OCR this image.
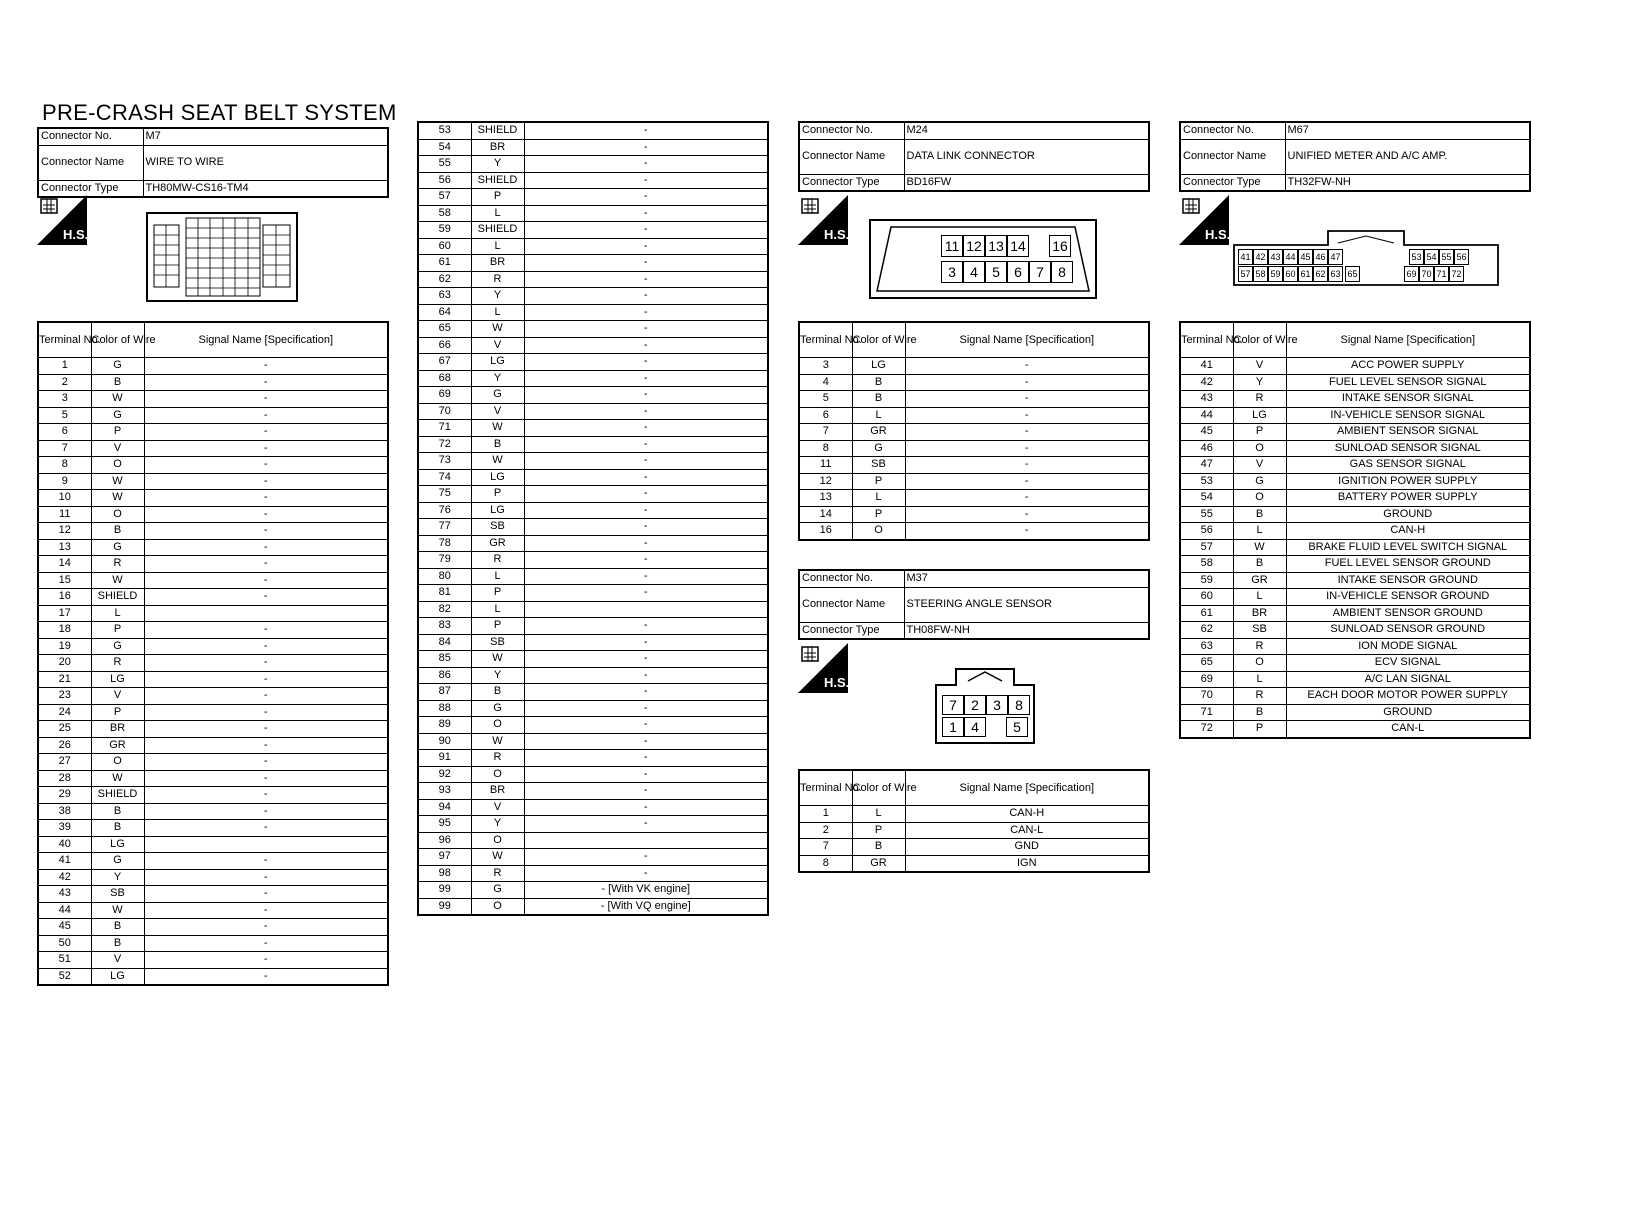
PRE-CRASH SEAT BELT SYSTEM
Connector No.	M7
Connector Name	WIRE TO WIRE
Connector Type	TH80MW-CS16-TM4
H.S.
Terminal No.	Color of Wire	Signal Name [Specification]
1	G	-
2	B	-
3	W	-
5	G	-
6	P	-
7	V	-
8	O	-
9	W	-
10	W	-
11	O	-
12	B	-
13	G	-
14	R	-
15	W	-
16	SHIELD	-
17	L	
18	P	-
19	G	-
20	R	-
21	LG	-
23	V	-
24	P	-
25	BR	-
26	GR	-
27	O	-
28	W	-
29	SHIELD	-
38	B	-
39	B	-
40	LG	
41	G	-
42	Y	-
43	SB	-
44	W	-
45	B	-
50	B	-
51	V	-
52	LG	-
53	SHIELD	-
54	BR	-
55	Y	-
56	SHIELD	-
57	P	-
58	L	-
59	SHIELD	-
60	L	-
61	BR	-
62	R	-
63	Y	-
64	L	-
65	W	-
66	V	-
67	LG	-
68	Y	-
69	G	-
70	V	-
71	W	-
72	B	-
73	W	-
74	LG	-
75	P	-
76	LG	-
77	SB	-
78	GR	-
79	R	-
80	L	-
81	P	-
82	L	
83	P	-
84	SB	-
85	W	-
86	Y	-
87	B	-
88	G	-
89	O	-
90	W	-
91	R	-
92	O	-
93	BR	-
94	V	-
95	Y	-
96	O	
97	W	-
98	R	-
99	G	- [With VK engine]
99	O	- [With VQ engine]
Connector No.	M24
Connector Name	DATA LINK CONNECTOR
Connector Type	BD16FW
H.S.
11 12 13 14 16
3	4	5	6	7	8
Terminal No.	Color of Wire	Signal Name [Specification]
3	LG	-
4	B	-
5	B	-
6	L	-
7	GR	-
8	G	-
11	SB	-
12	P	-
13	L	-
14	P	-
16	O	-
Connector No.	M37
Connector Name	STEERING ANGLE SENSOR
Connector Type	TH08FW-NH
H.S.
7	2	3	8
1	4	5
Terminal No.	Color of Wire	Signal Name [Specification]
1	L	CAN-H
2	P	CAN-L
7	B	GND
8	GR	IGN
Connector No.	M67
Connector Name	UNIFIED METER AND A/C AMP.
Connector Type	TH32FW-NH
H.S.
41 42 43 44 45 46 47	53 54 55 56
57 58 59 60 61 62 63 65	69 70 71 72
Terminal No.	Color of Wire	Signal Name [Specification]
41	V	ACC POWER SUPPLY
42	Y	FUEL LEVEL SENSOR SIGNAL
43	R	INTAKE SENSOR SIGNAL
44	LG	IN-VEHICLE SENSOR SIGNAL
45	P	AMBIENT SENSOR SIGNAL
46	O	SUNLOAD SENSOR SIGNAL
47	V	GAS SENSOR SIGNAL
53	G	IGNITION POWER SUPPLY
54	O	BATTERY POWER SUPPLY
55	B	GROUND
56	L	CAN-H
57	W	BRAKE FLUID LEVEL SWITCH SIGNAL
58	B	FUEL LEVEL SENSOR GROUND
59	GR	INTAKE SENSOR GROUND
60	L	IN-VEHICLE SENSOR GROUND
61	BR	AMBIENT SENSOR GROUND
62	SB	SUNLOAD SENSOR GROUND
63	R	ION MODE SIGNAL
65	O	ECV SIGNAL
69	L	A/C LAN SIGNAL
70	R	EACH DOOR MOTOR POWER SUPPLY
71	B	GROUND
72	P	CAN-L
